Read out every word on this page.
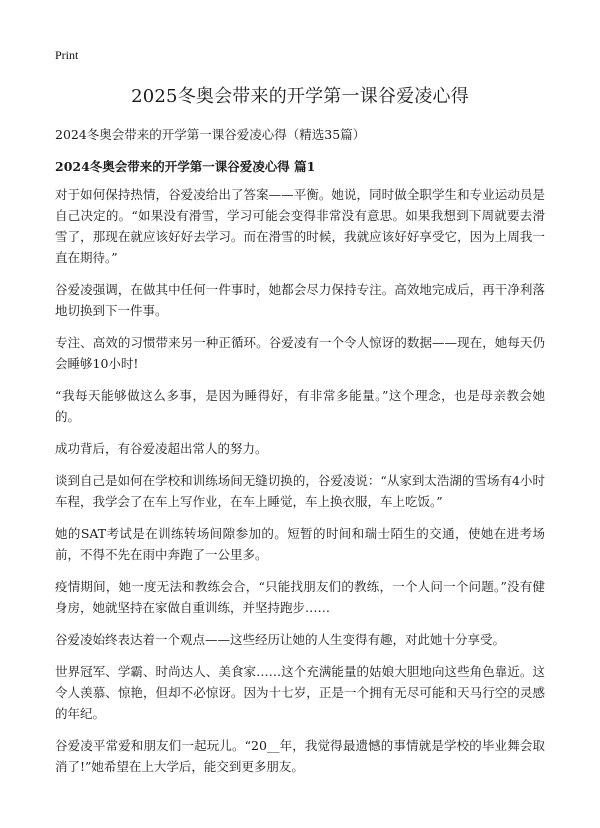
Print
2025冬奥会带来的开学第一课谷爱凌心得

2024冬奥会带来的开学第一课谷爱凌心得（精选35篇）

2024冬奥会带来的开学第一课谷爱凌心得 篇1

对于如何保持热情，谷爱凌给出了答案——平衡。她说，同时做全职学生和专业运动员是自己决定的。“如果没有滑雪，学习可能会变得非常没有意思。如果我想到下周就要去滑雪了，那现在就应该好好去学习。而在滑雪的时候，我就应该好好享受它，因为上周我一直在期待。”

谷爱凌强调，在做其中任何一件事时，她都会尽力保持专注。高效地完成后，再干净利落地切换到下一件事。

专注、高效的习惯带来另一种正循环。谷爱凌有一个令人惊讶的数据——现在，她每天仍会睡够10小时!

“我每天能够做这么多事，是因为睡得好，有非常多能量。”这个理念，也是母亲教会她的。

成功背后，有谷爱凌超出常人的努力。

谈到自己是如何在学校和训练场间无缝切换的，谷爱凌说：“从家到太浩湖的雪场有4小时车程，我学会了在车上写作业，在车上睡觉，车上换衣服，车上吃饭。”

她的SAT考试是在训练转场间隙参加的。短暂的时间和瑞士陌生的交通，使她在进考场前，不得不先在雨中奔跑了一公里多。

疫情期间，她一度无法和教练会合，“只能找朋友们的教练，一个人问一个问题。”没有健身房，她就坚持在家做自重训练，并坚持跑步……

谷爱凌始终表达着一个观点——这些经历让她的人生变得有趣，对此她十分享受。

世界冠军、学霸、时尚达人、美食家……这个充满能量的姑娘大胆地向这些角色靠近。这令人羡慕、惊艳，但却不必惊讶。因为十七岁，正是一个拥有无尽可能和天马行空的灵感的年纪。

谷爱凌平常爱和朋友们一起玩儿。“20__年，我觉得最遗憾的事情就是学校的毕业舞会取消了!”她希望在上大学后，能交到更多朋友。
